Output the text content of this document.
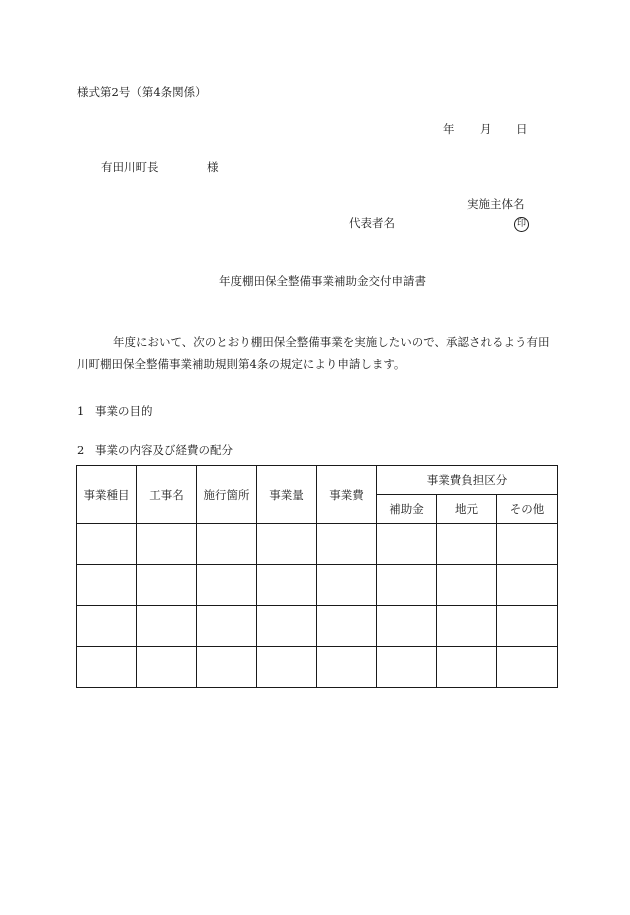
様式第2号（第4条関係）
年 月 日
有田川町長	様
実施主体名
代表者名	印
年度棚田保全整備事業補助金交付申請書
年度において、次のとおり棚田保全整備事業を実施したいので、承認されるよう有田川町棚田保全整備事業補助規則第4条の規定により申請します。
1 事業の目的
2 事業の内容及び経費の配分
事業種目	工事名	施行箇所	事業量	事業費	事業費負担区分		
					補助金	地元	その他
